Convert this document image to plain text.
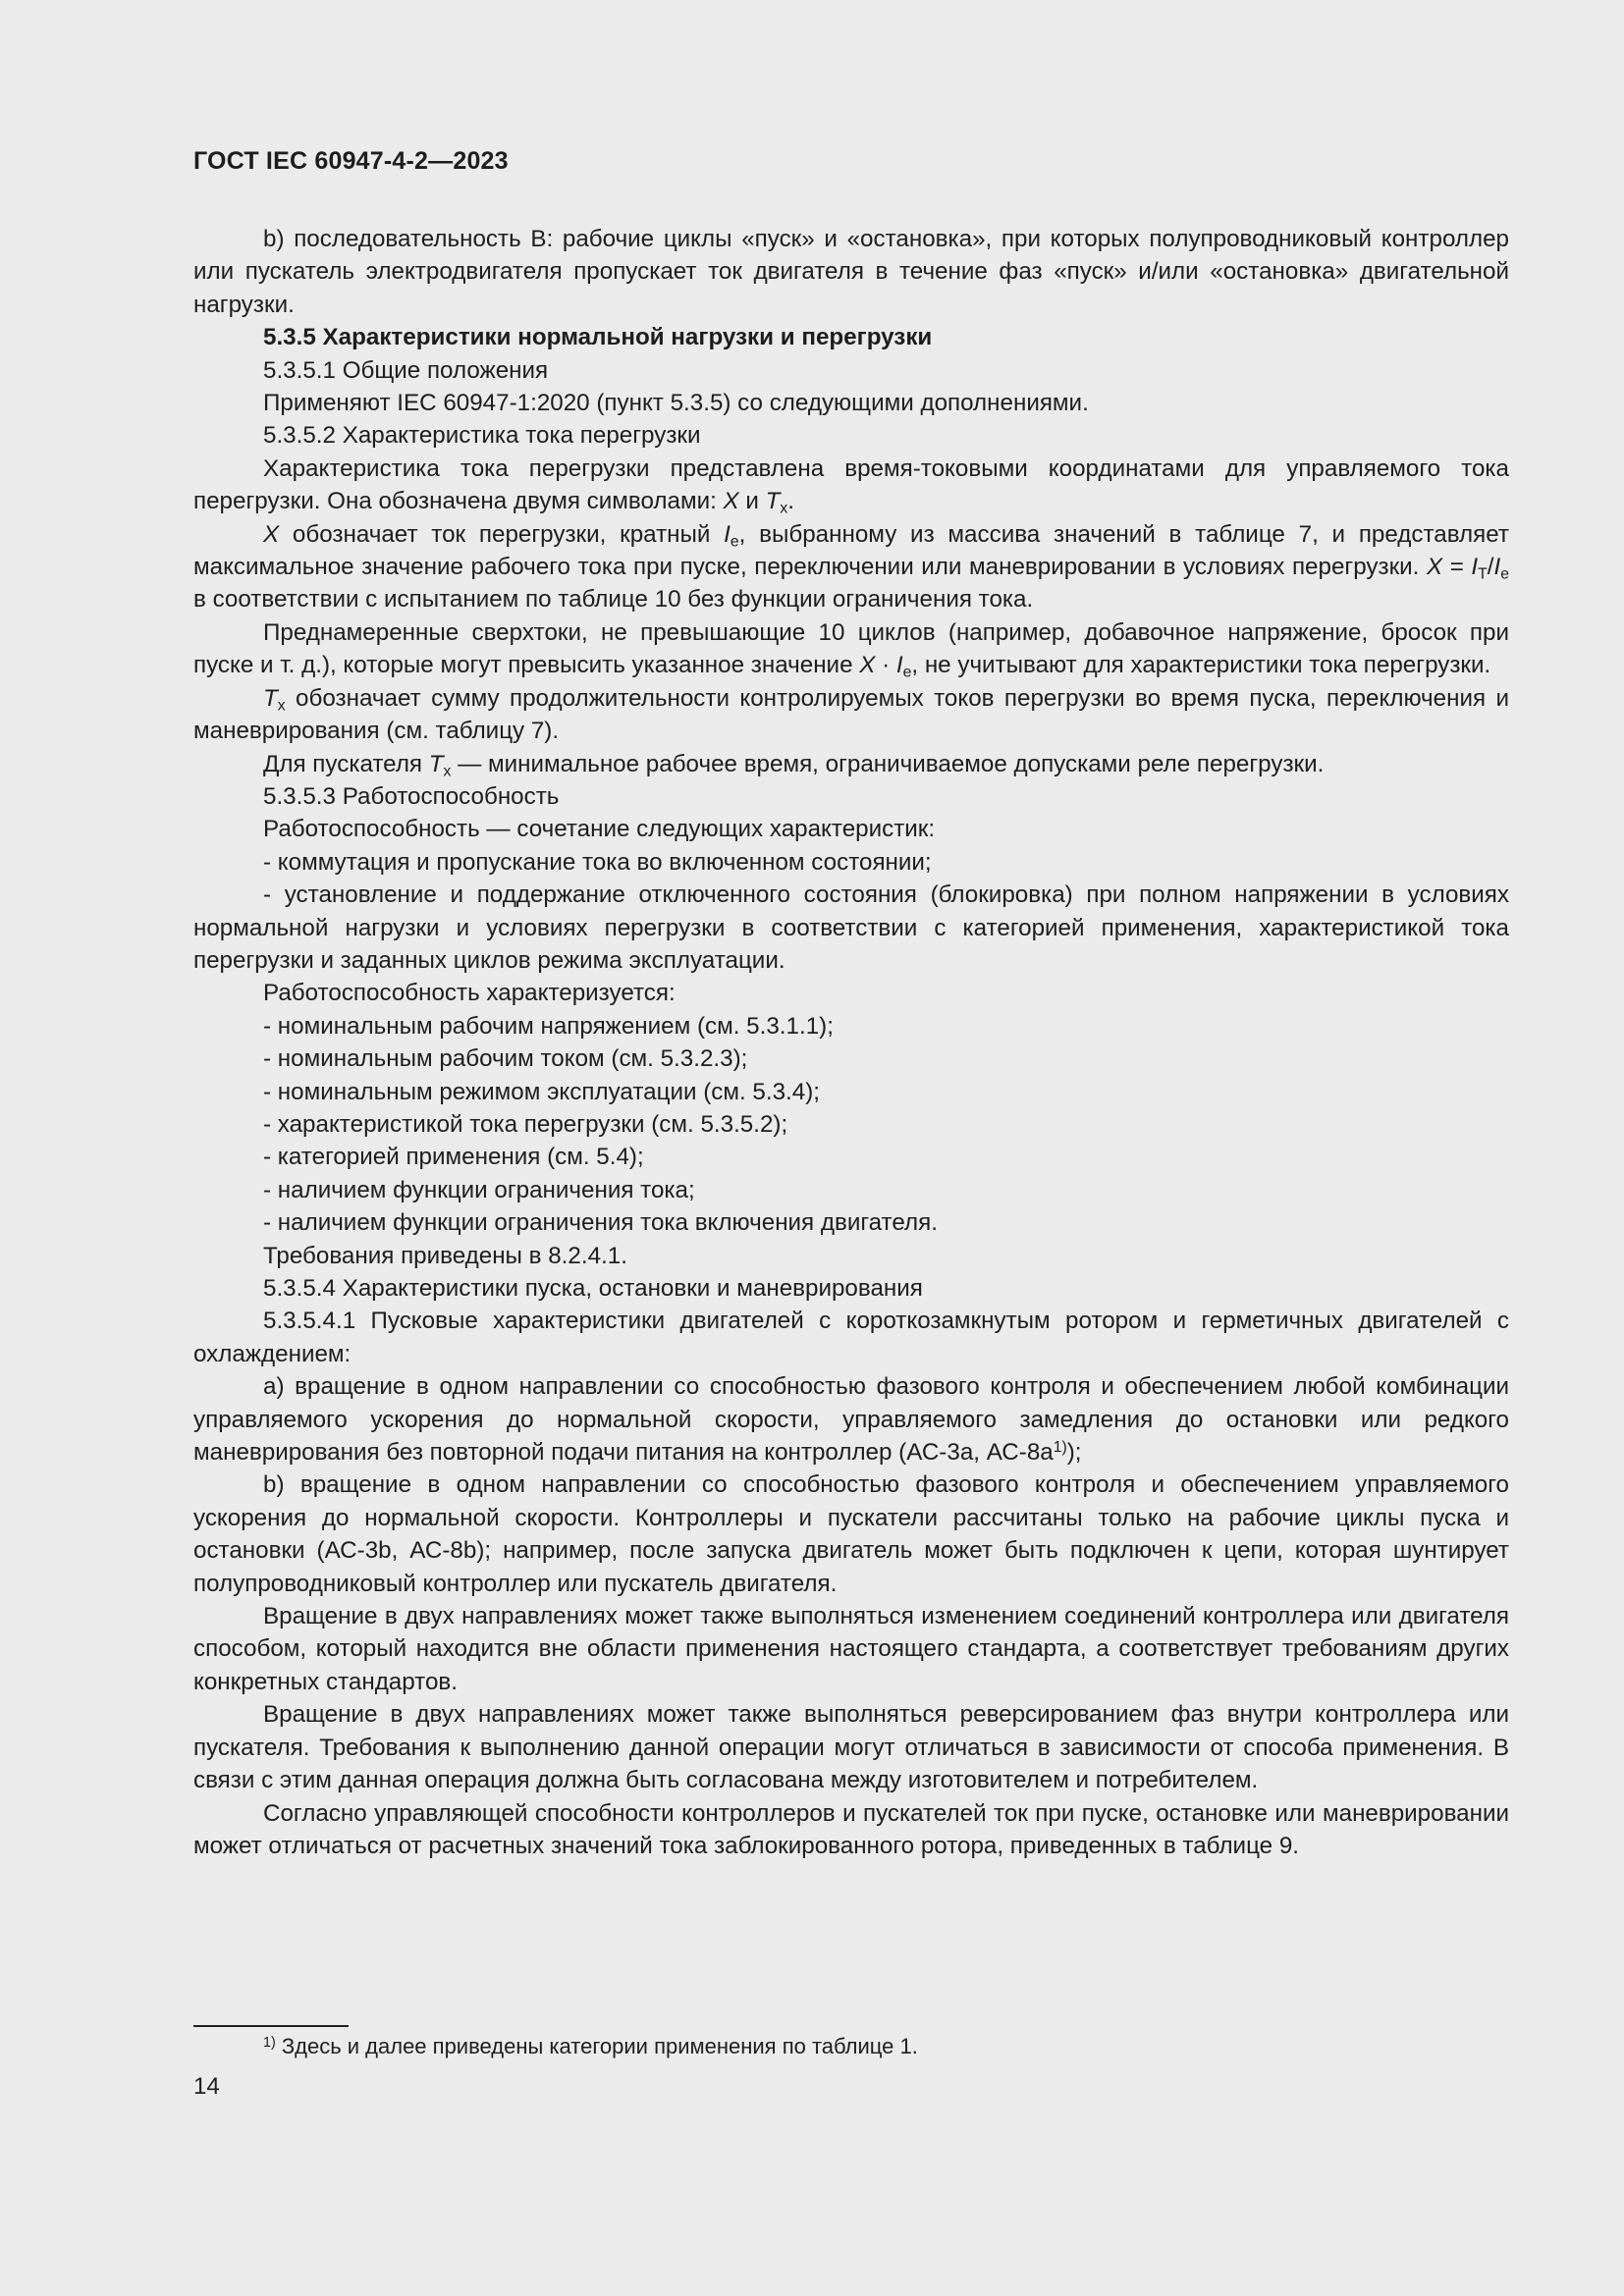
ГОСТ IEC 60947-4-2—2023

b) последовательность В: рабочие циклы «пуск» и «остановка», при которых полупроводниковый контроллер или пускатель электродвигателя пропускает ток двигателя в течение фаз «пуск» и/или «остановка» двигательной нагрузки.

5.3.5 Характеристики нормальной нагрузки и перегрузки

5.3.5.1 Общие положения

Применяют IEC 60947-1:2020 (пункт 5.3.5) со следующими дополнениями.

5.3.5.2 Характеристика тока перегрузки

Характеристика тока перегрузки представлена время-токовыми координатами для управляемого тока перегрузки. Она обозначена двумя символами: X и $T_x$.

X обозначает ток перегрузки, кратный $I_e$, выбранному из массива значений в таблице 7, и представляет максимальное значение рабочего тока при пуске, переключении или маневрировании в условиях перегрузки. $X = I_T/I_e$ в соответствии с испытанием по таблице 10 без функции ограничения тока.

Преднамеренные сверхтоки, не превышающие 10 циклов (например, добавочное напряжение, бросок при пуске и т. д.), которые могут превысить указанное значение $X \cdot I_e$, не учитывают для характеристики тока перегрузки.

$T_x$ обозначает сумму продолжительности контролируемых токов перегрузки во время пуска, переключения и маневрирования (см. таблицу 7).

Для пускателя $T_x$ — минимальное рабочее время, ограничиваемое допусками реле перегрузки.

5.3.5.3 Работоспособность

Работоспособность — сочетание следующих характеристик:

- коммутация и пропускание тока во включенном состоянии;

- установление и поддержание отключенного состояния (блокировка) при полном напряжении в условиях нормальной нагрузки и условиях перегрузки в соответствии с категорией применения, характеристикой тока перегрузки и заданных циклов режима эксплуатации.

Работоспособность характеризуется:

- номинальным рабочим напряжением (см. 5.3.1.1);

- номинальным рабочим током (см. 5.3.2.3);

- номинальным режимом эксплуатации (см. 5.3.4);

- характеристикой тока перегрузки (см. 5.3.5.2);

- категорией применения (см. 5.4);

- наличием функции ограничения тока;

- наличием функции ограничения тока включения двигателя.

Требования приведены в 8.2.4.1.

5.3.5.4 Характеристики пуска, остановки и маневрирования

5.3.5.4.1 Пусковые характеристики двигателей с короткозамкнутым ротором и герметичных двигателей с охлаждением:

а) вращение в одном направлении со способностью фазового контроля и обеспечением любой комбинации управляемого ускорения до нормальной скорости, управляемого замедления до остановки или редкого маневрирования без повторной подачи питания на контроллер (АС-3а, $АС-8а^{1)}$);

b) вращение в одном направлении со способностью фазового контроля и обеспечением управляемого ускорения до нормальной скорости. Контроллеры и пускатели рассчитаны только на рабочие циклы пуска и остановки (АС-3b, АС-8b); например, после запуска двигатель может быть подключен к цепи, которая шунтирует полупроводниковый контроллер или пускатель двигателя.

Вращение в двух направлениях может также выполняться изменением соединений контроллера или двигателя способом, который находится вне области применения настоящего стандарта, а соответствует требованиям других конкретных стандартов.

Вращение в двух направлениях может также выполняться реверсированием фаз внутри контроллера или пускателя. Требования к выполнению данной операции могут отличаться в зависимости от способа применения. В связи с этим данная операция должна быть согласована между изготовителем и потребителем.

Согласно управляющей способности контроллеров и пускателей ток при пуске, остановке или маневрировании может отличаться от расчетных значений тока заблокированного ротора, приведенных в таблице 9.

$^{1)}$ Здесь и далее приведены категории применения по таблице 1.
14
